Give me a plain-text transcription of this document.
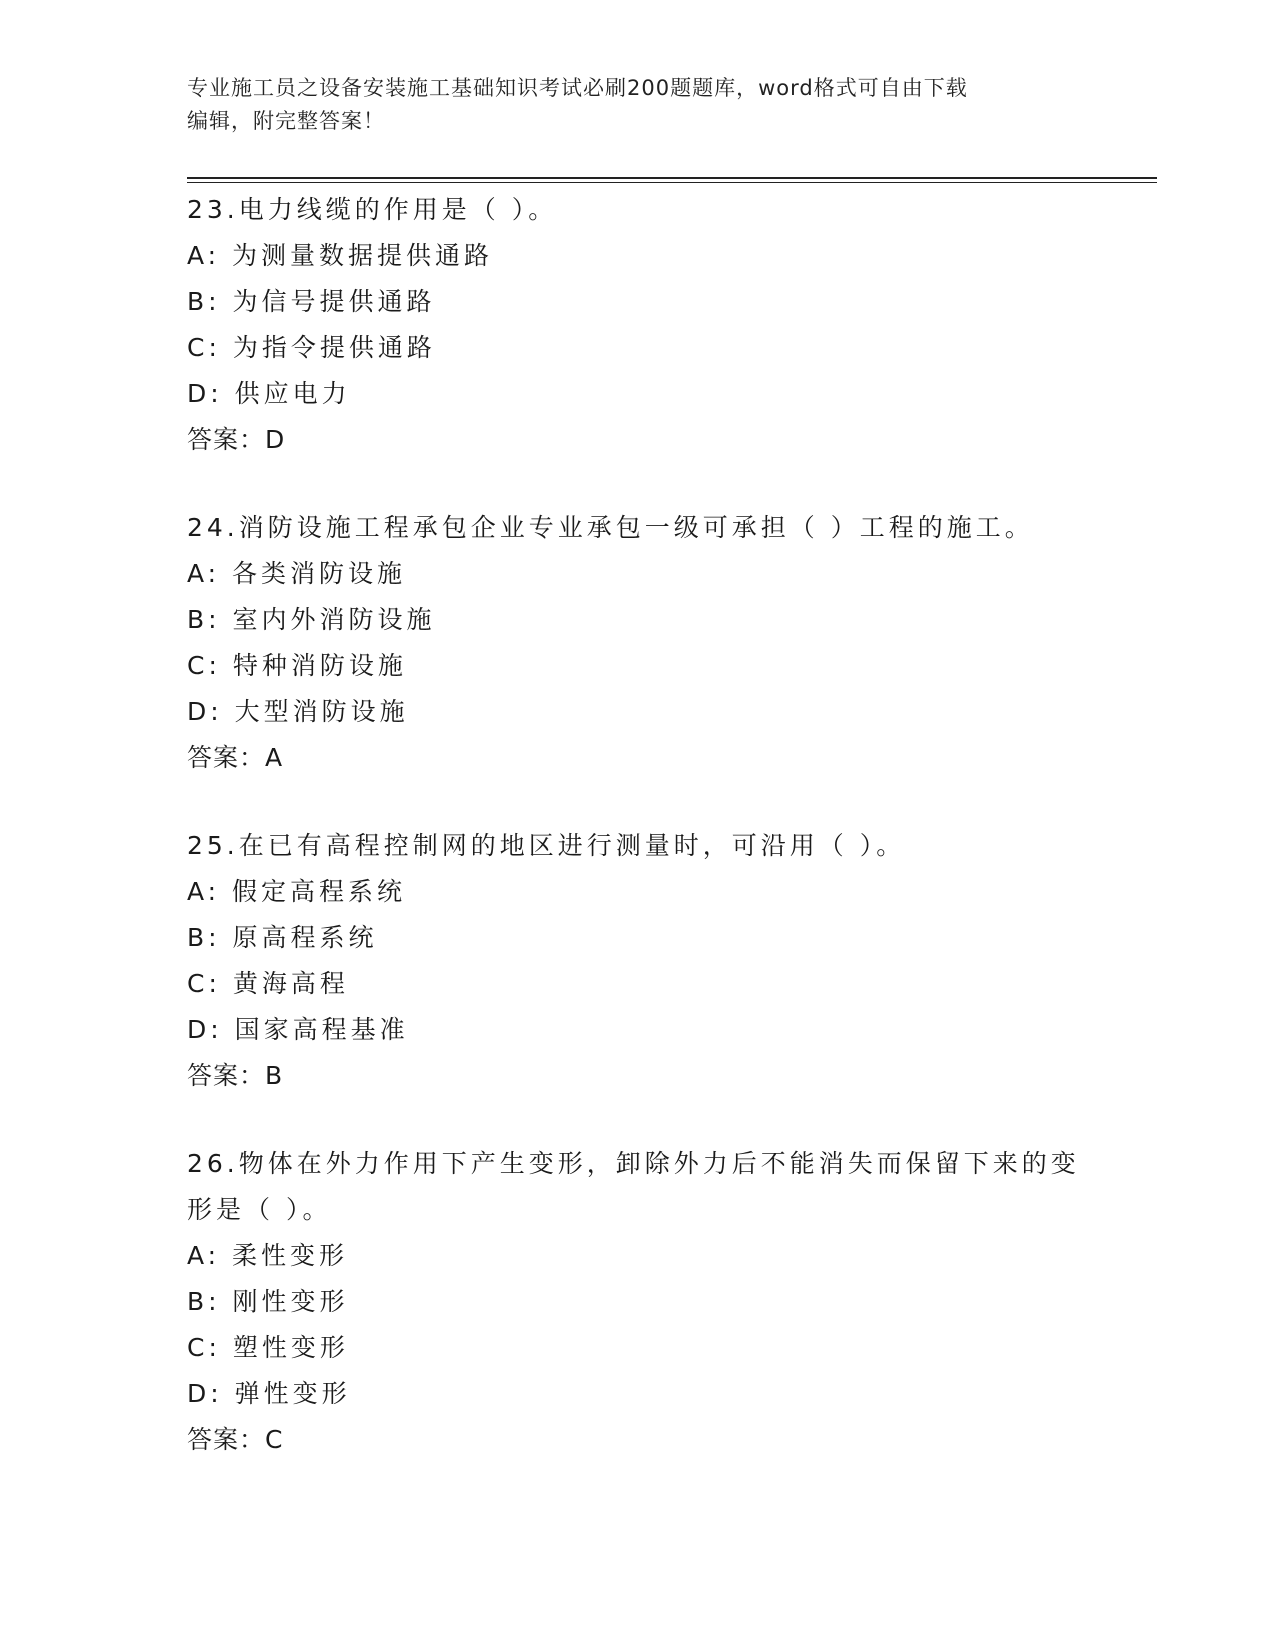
专业施工员之设备安装施工基础知识考试必刷200题题库，word格式可自由下载
编辑，附完整答案！
23.电力线缆的作用是（ ）。
A: 为测量数据提供通路
B: 为信号提供通路
C: 为指令提供通路
D: 供应电力
答案：D
24.消防设施工程承包企业专业承包一级可承担（ ）工程的施工。
A: 各类消防设施
B: 室内外消防设施
C: 特种消防设施
D: 大型消防设施
答案：A
25.在已有高程控制网的地区进行测量时，可沿用（ ）。
A: 假定高程系统
B: 原高程系统
C: 黄海高程
D: 国家高程基准
答案：B
26.物体在外力作用下产生变形，卸除外力后不能消失而保留下来的变
形是（ ）。
A: 柔性变形
B: 刚性变形
C: 塑性变形
D: 弹性变形
答案：C
